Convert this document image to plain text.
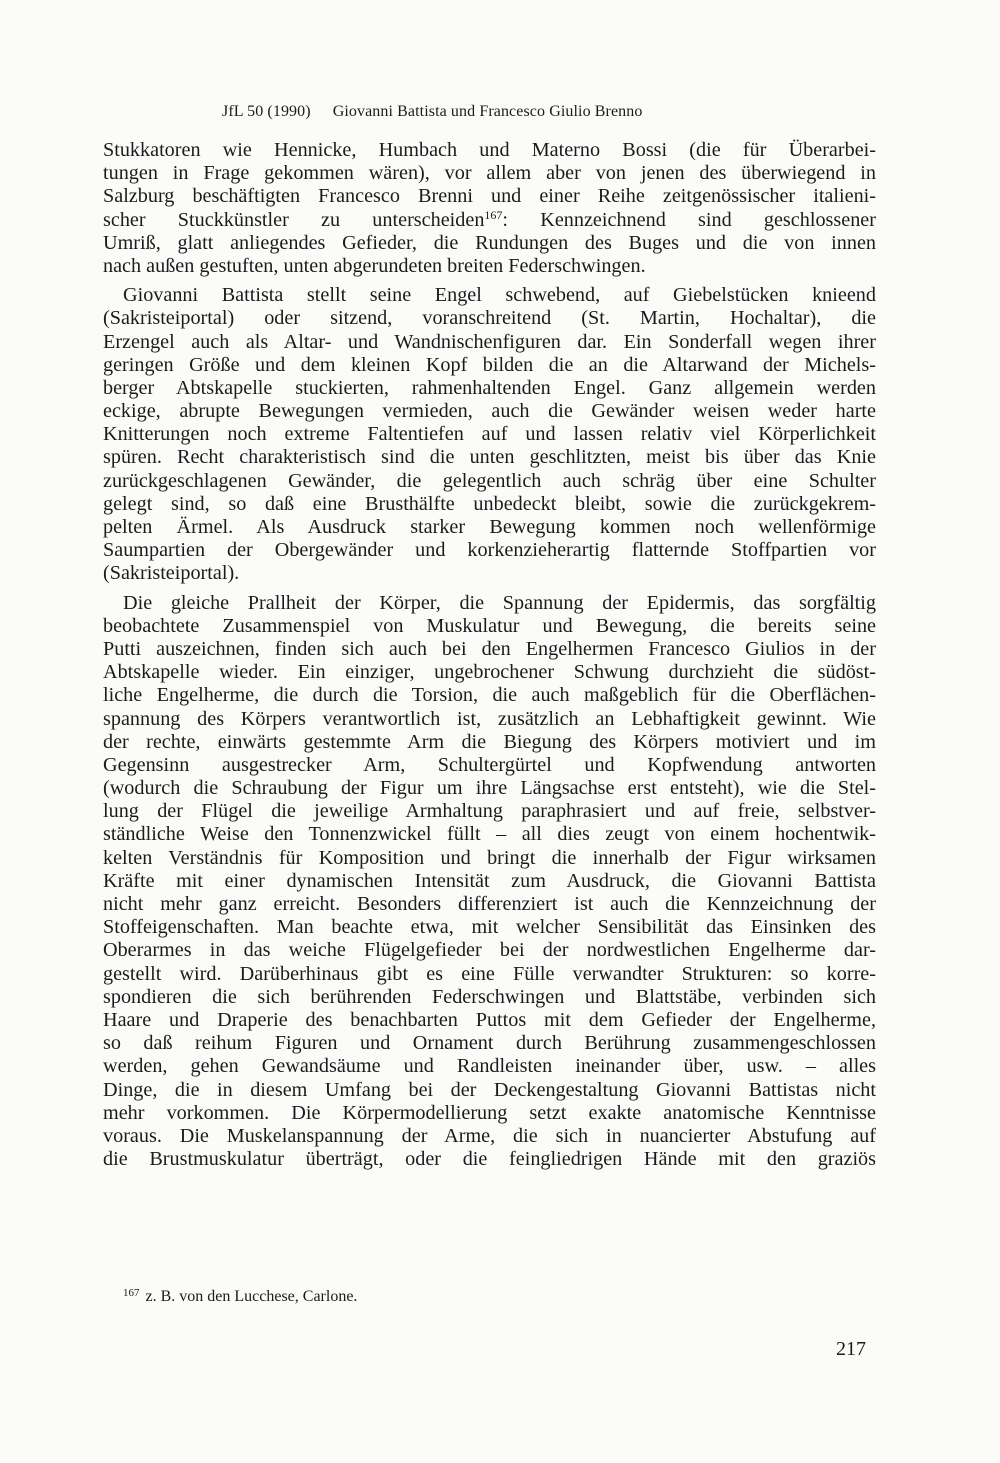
JfL 50 (1990) Giovanni Battista und Francesco Giulio Brenno
Stukkatoren wie Hennicke, Humbach und Materno Bossi (die für Überarbei-
tungen in Frage gekommen wären), vor allem aber von jenen des überwiegend in
Salzburg beschäftigten Francesco Brenni und einer Reihe zeitgenössischer italieni-
scher Stuckkünstler zu unterscheiden$^{167}$: Kennzeichnend sind geschlossener
Umriß, glatt anliegendes Gefieder, die Rundungen des Buges und die von innen
nach außen gestuften, unten abgerundeten breiten Federschwingen.
Giovanni Battista stellt seine Engel schwebend, auf Giebelstücken knieend
(Sakristeiportal) oder sitzend, voranschreitend (St. Martin, Hochaltar), die
Erzengel auch als Altar- und Wandnischenfiguren dar. Ein Sonderfall wegen ihrer
geringen Größe und dem kleinen Kopf bilden die an die Altarwand der Michels-
berger Abtskapelle stuckierten, rahmenhaltenden Engel. Ganz allgemein werden
eckige, abrupte Bewegungen vermieden, auch die Gewänder weisen weder harte
Knitterungen noch extreme Faltentiefen auf und lassen relativ viel Körperlichkeit
spüren. Recht charakteristisch sind die unten geschlitzten, meist bis über das Knie
zurückgeschlagenen Gewänder, die gelegentlich auch schräg über eine Schulter
gelegt sind, so daß eine Brusthälfte unbedeckt bleibt, sowie die zurückgekrem-
pelten Ärmel. Als Ausdruck starker Bewegung kommen noch wellenförmige
Saumpartien der Obergewänder und korkenzieherartig flatternde Stoffpartien vor
(Sakristeiportal).
Die gleiche Prallheit der Körper, die Spannung der Epidermis, das sorgfältig
beobachtete Zusammenspiel von Muskulatur und Bewegung, die bereits seine
Putti auszeichnen, finden sich auch bei den Engelhermen Francesco Giulios in der
Abtskapelle wieder. Ein einziger, ungebrochener Schwung durchzieht die südöst-
liche Engelherme, die durch die Torsion, die auch maßgeblich für die Oberflächen-
spannung des Körpers verantwortlich ist, zusätzlich an Lebhaftigkeit gewinnt. Wie
der rechte, einwärts gestemmte Arm die Biegung des Körpers motiviert und im
Gegensinn ausgestrecker Arm, Schultergürtel und Kopfwendung antworten
(wodurch die Schraubung der Figur um ihre Längsachse erst entsteht), wie die Stel-
lung der Flügel die jeweilige Armhaltung paraphrasiert und auf freie, selbstver-
ständliche Weise den Tonnenzwickel füllt – all dies zeugt von einem hochentwik-
kelten Verständnis für Komposition und bringt die innerhalb der Figur wirksamen
Kräfte mit einer dynamischen Intensität zum Ausdruck, die Giovanni Battista
nicht mehr ganz erreicht. Besonders differenziert ist auch die Kennzeichnung der
Stoffeigenschaften. Man beachte etwa, mit welcher Sensibilität das Einsinken des
Oberarmes in das weiche Flügelgefieder bei der nordwestlichen Engelherme dar-
gestellt wird. Darüberhinaus gibt es eine Fülle verwandter Strukturen: so korre-
spondieren die sich berührenden Federschwingen und Blattstäbe, verbinden sich
Haare und Draperie des benachbarten Puttos mit dem Gefieder der Engelherme,
so daß reihum Figuren und Ornament durch Berührung zusammengeschlossen
werden, gehen Gewandsäume und Randleisten ineinander über, usw. – alles
Dinge, die in diesem Umfang bei der Deckengestaltung Giovanni Battistas nicht
mehr vorkommen. Die Körpermodellierung setzt exakte anatomische Kenntnisse
voraus. Die Muskelanspannung der Arme, die sich in nuancierter Abstufung auf
die Brustmuskulatur überträgt, oder die feingliedrigen Hände mit den graziös
$^{167}$ z. B. von den Lucchese, Carlone.
217
